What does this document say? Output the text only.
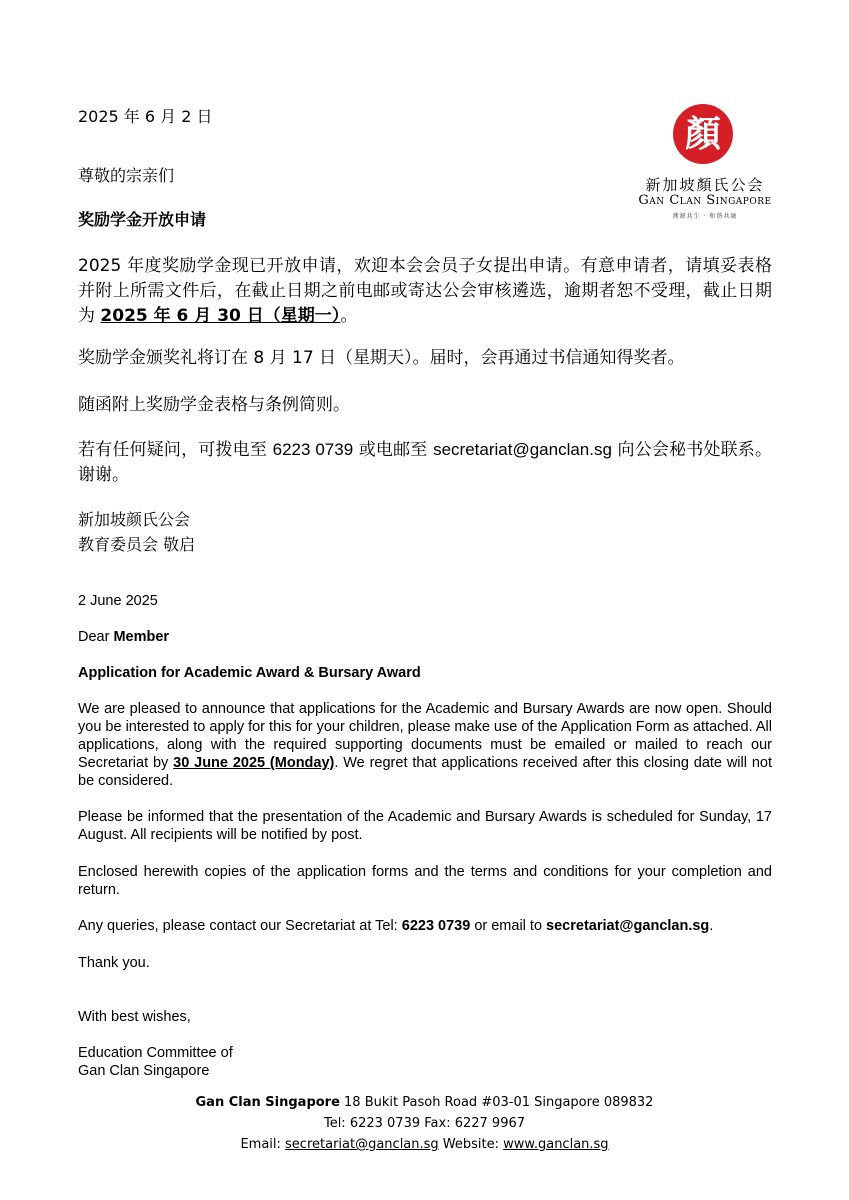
顏
新加坡顏氏公会
Gan Clan Singapore
溯源共生 · 和谐共融
2025 年 6 月 2 日
尊敬的宗亲们
奖励学金开放申请
2025 年度奖励学金现已开放申请，欢迎本会会员子女提出申请。有意申请者，请填妥表格并附上所需文件后，在截止日期之前电邮或寄达公会审核遴选，逾期者恕不受理，截止日期为 2025 年 6 月 30 日（星期一）。
奖励学金颁奖礼将订在 8 月 17 日（星期天）。届时，会再通过书信通知得奖者。
随函附上奖励学金表格与条例简则。
若有任何疑问，可拨电至 6223 0739 或电邮至 secretariat@ganclan.sg 向公会秘书处联系。谢谢。
新加坡颜氏公会
教育委员会 敬启
2 June 2025
Dear Member
Application for Academic Award & Bursary Award
We are pleased to announce that applications for the Academic and Bursary Awards are now open. Should you be interested to apply for this for your children, please make use of the Application Form as attached. All applications, along with the required supporting documents must be emailed or mailed to reach our Secretariat by 30 June 2025 (Monday). We regret that applications received after this closing date will not be considered.
Please be informed that the presentation of the Academic and Bursary Awards is scheduled for Sunday, 17 August. All recipients will be notified by post.
Enclosed herewith copies of the application forms and the terms and conditions for your completion and return.
Any queries, please contact our Secretariat at Tel: 6223 0739 or email to secretariat@ganclan.sg.
Thank you.
With best wishes,
Education Committee of
Gan Clan Singapore
Gan Clan Singapore 18 Bukit Pasoh Road #03-01 Singapore 089832
Tel: 6223 0739 Fax: 6227 9967
Email: secretariat@ganclan.sg Website: www.ganclan.sg
